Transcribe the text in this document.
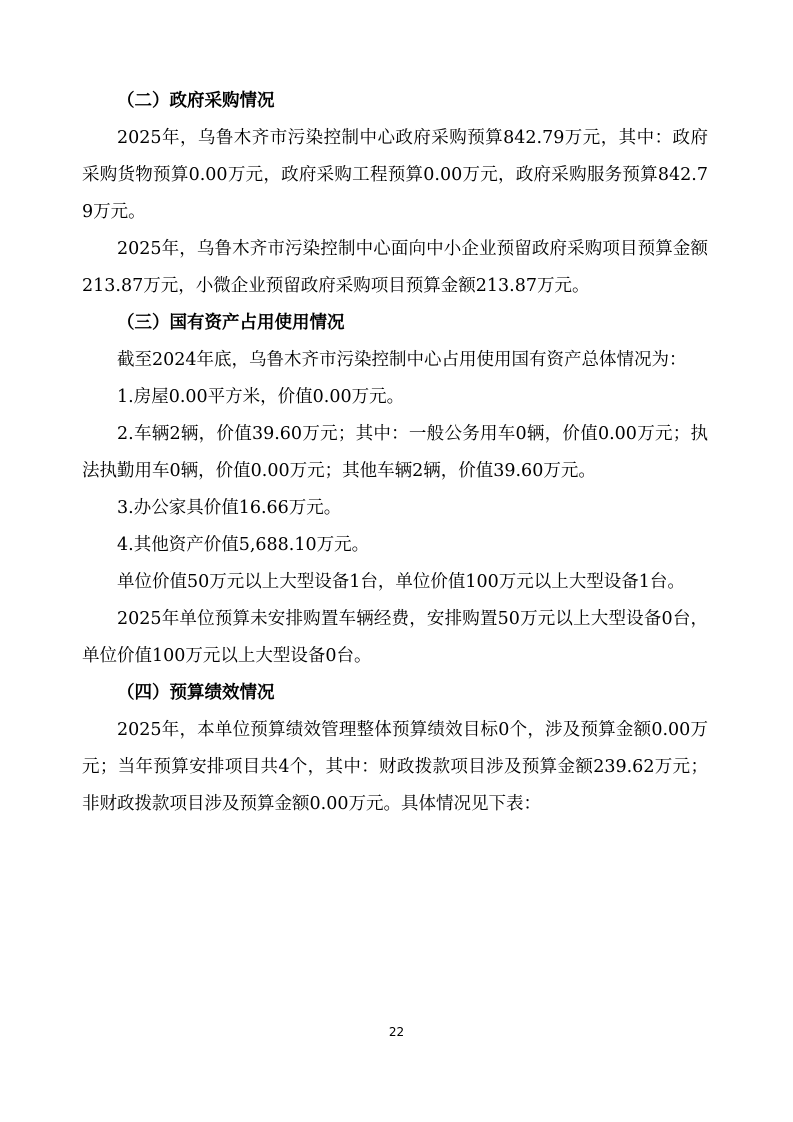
（二）政府采购情况

2025年，乌鲁木齐市污染控制中心政府采购预算842.79万元，其中：政府采购货物预算0.00万元，政府采购工程预算0.00万元，政府采购服务预算842.79万元。

2025年，乌鲁木齐市污染控制中心面向中小企业预留政府采购项目预算金额213.87万元，小微企业预留政府采购项目预算金额213.87万元。

（三）国有资产占用使用情况

截至2024年底，乌鲁木齐市污染控制中心占用使用国有资产总体情况为：

1.房屋0.00平方米，价值0.00万元。

2.车辆2辆，价值39.60万元；其中：一般公务用车0辆，价值0.00万元；执法执勤用车0辆，价值0.00万元；其他车辆2辆，价值39.60万元。

3.办公家具价值16.66万元。

4.其他资产价值5,688.10万元。

单位价值50万元以上大型设备1台，单位价值100万元以上大型设备1台。

2025年单位预算未安排购置车辆经费，安排购置50万元以上大型设备0台，单位价值100万元以上大型设备0台。

（四）预算绩效情况

2025年，本单位预算绩效管理整体预算绩效目标0个，涉及预算金额0.00万元；当年预算安排项目共4个，其中：财政拨款项目涉及预算金额239.62万元；非财政拨款项目涉及预算金额0.00万元。具体情况见下表：

22
